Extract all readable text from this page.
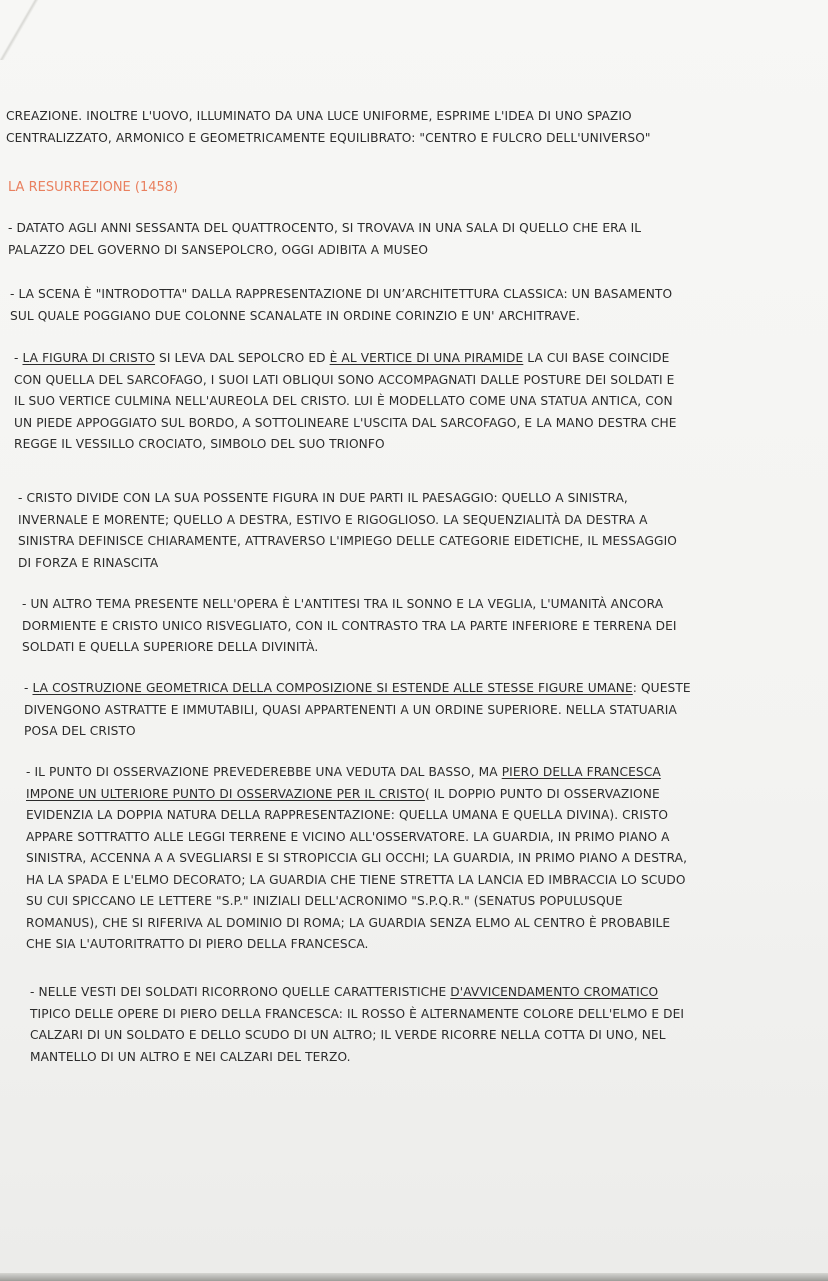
CREAZIONE. INOLTRE L'UOVO, ILLUMINATO DA UNA LUCE UNIFORME, ESPRIME L'IDEA DI UNO SPAZIO
CENTRALIZZATO, ARMONICO E GEOMETRICAMENTE EQUILIBRATO: "CENTRO E FULCRO DELL'UNIVERSO"

LA RESURREZIONE (1458)

- DATATO AGLI ANNI SESSANTA DEL QUATTROCENTO, SI TROVAVA IN UNA SALA DI QUELLO CHE ERA IL
PALAZZO DEL GOVERNO DI SANSEPOLCRO, OGGI ADIBITA A MUSEO

- LA SCENA È "INTRODOTTA" DALLA RAPPRESENTAZIONE DI UN’ARCHITETTURA CLASSICA: UN BASAMENTO
SUL QUALE POGGIANO DUE COLONNE SCANALATE IN ORDINE CORINZIO E UN' ARCHITRAVE.

- LA FIGURA DI CRISTO SI LEVA DAL SEPOLCRO ED È AL VERTICE DI UNA PIRAMIDE LA CUI BASE COINCIDE
CON QUELLA DEL SARCOFAGO, I SUOI LATI OBLIQUI SONO ACCOMPAGNATI DALLE POSTURE DEI SOLDATI E
IL SUO VERTICE CULMINA NELL'AUREOLA DEL CRISTO. LUI È MODELLATO COME UNA STATUA ANTICA, CON
UN PIEDE APPOGGIATO SUL BORDO, A SOTTOLINEARE L'USCITA DAL SARCOFAGO, E LA MANO DESTRA CHE
REGGE IL VESSILLO CROCIATO, SIMBOLO DEL SUO TRIONFO

- CRISTO DIVIDE CON LA SUA POSSENTE FIGURA IN DUE PARTI IL PAESAGGIO: QUELLO A SINISTRA,
INVERNALE E MORENTE; QUELLO A DESTRA, ESTIVO E RIGOGLIOSO. LA SEQUENZIALITÀ DA DESTRA A
SINISTRA DEFINISCE CHIARAMENTE, ATTRAVERSO L'IMPIEGO DELLE CATEGORIE EIDETICHE, IL MESSAGGIO
DI FORZA E RINASCITA

- UN ALTRO TEMA PRESENTE NELL'OPERA È L'ANTITESI TRA IL SONNO E LA VEGLIA, L'UMANITÀ ANCORA
DORMIENTE E CRISTO UNICO RISVEGLIATO, CON IL CONTRASTO TRA LA PARTE INFERIORE E TERRENA DEI
SOLDATI E QUELLA SUPERIORE DELLA DIVINITÀ.

- LA COSTRUZIONE GEOMETRICA DELLA COMPOSIZIONE SI ESTENDE ALLE STESSE FIGURE UMANE: QUESTE
DIVENGONO ASTRATTE E IMMUTABILI, QUASI APPARTENENTI A UN ORDINE SUPERIORE. NELLA STATUARIA
POSA DEL CRISTO

- IL PUNTO DI OSSERVAZIONE PREVEDEREBBE UNA VEDUTA DAL BASSO, MA PIERO DELLA FRANCESCA
IMPONE UN ULTERIORE PUNTO DI OSSERVAZIONE PER IL CRISTO( IL DOPPIO PUNTO DI OSSERVAZIONE
EVIDENZIA LA DOPPIA NATURA DELLA RAPPRESENTAZIONE: QUELLA UMANA E QUELLA DIVINA). CRISTO
APPARE SOTTRATTO ALLE LEGGI TERRENE E VICINO ALL'OSSERVATORE. LA GUARDIA, IN PRIMO PIANO A
SINISTRA, ACCENNA A A SVEGLIARSI E SI STROPICCIA GLI OCCHI; LA GUARDIA, IN PRIMO PIANO A DESTRA,
HA LA SPADA E L'ELMO DECORATO; LA GUARDIA CHE TIENE STRETTA LA LANCIA ED IMBRACCIA LO SCUDO
SU CUI SPICCANO LE LETTERE "S.P." INIZIALI DELL'ACRONIMO "S.P.Q.R." (SENATUS POPULUSQUE
ROMANUS), CHE SI RIFERIVA AL DOMINIO DI ROMA; LA GUARDIA SENZA ELMO AL CENTRO È PROBABILE
CHE SIA L'AUTORITRATTO DI PIERO DELLA FRANCESCA.

- NELLE VESTI DEI SOLDATI RICORRONO QUELLE CARATTERISTICHE D'AVVICENDAMENTO CROMATICO
TIPICO DELLE OPERE DI PIERO DELLA FRANCESCA: IL ROSSO È ALTERNAMENTE COLORE DELL'ELMO E DEI
CALZARI DI UN SOLDATO E DELLO SCUDO DI UN ALTRO; IL VERDE RICORRE NELLA COTTA DI UNO, NEL
MANTELLO DI UN ALTRO E NEI CALZARI DEL TERZO.
